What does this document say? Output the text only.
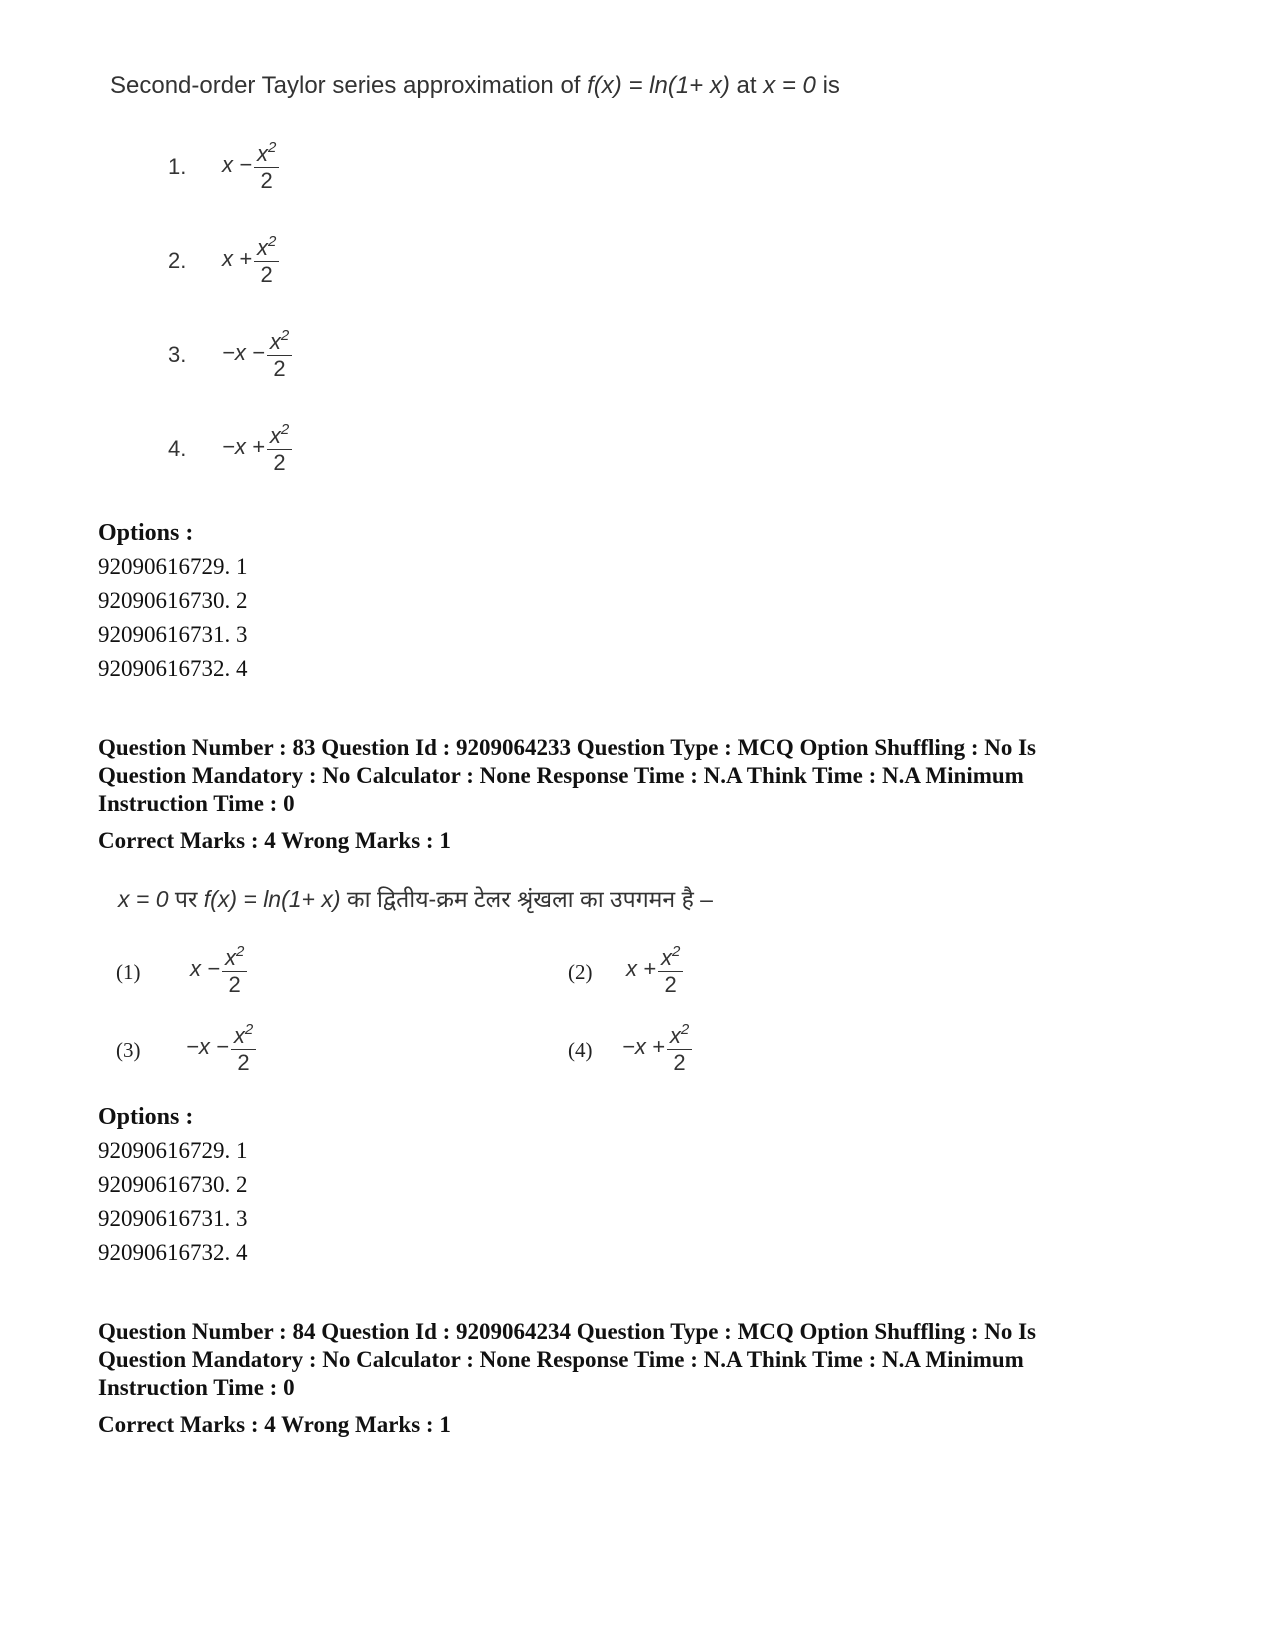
Second-order Taylor series approximation of f(x) = ln(1+ x) at x = 0 is
1. $x - \frac{x^2}{2}$
2. $x + \frac{x^2}{2}$
3. $-x - \frac{x^2}{2}$
4. $-x + \frac{x^2}{2}$
Options :
92090616729. 1
92090616730. 2
92090616731. 3
92090616732. 4
Question Number : 83 Question Id : 9209064233 Question Type : MCQ Option Shuffling : No Is
Question Mandatory : No Calculator : None Response Time : N.A Think Time : N.A Minimum
Instruction Time : 0
Correct Marks : 4 Wrong Marks : 1
x = 0 पर f(x) = ln(1+ x) का द्वितीय-क्रम टेलर श्रृंखला का उपगमन है –
(1) $x - \frac{x^2}{2}$	(2) $x + \frac{x^2}{2}$
$(3) -x - \frac{x^2}{2}$	$(4) -x + \frac{x^2}{2}$
Options :
92090616729. 1
92090616730. 2
92090616731. 3
92090616732. 4
Question Number : 84 Question Id : 9209064234 Question Type : MCQ Option Shuffling : No Is
Question Mandatory : No Calculator : None Response Time : N.A Think Time : N.A Minimum
Instruction Time : 0
Correct Marks : 4 Wrong Marks : 1
